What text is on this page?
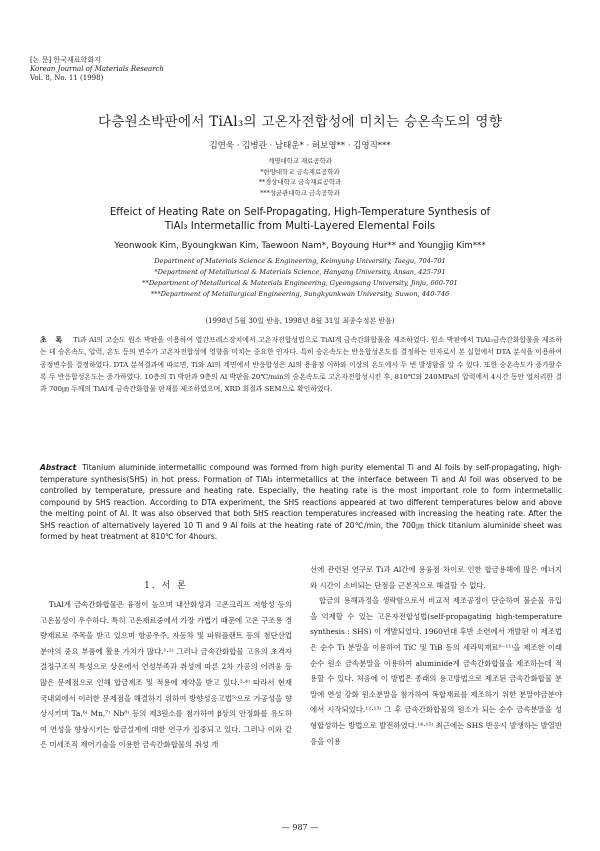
[논 문] 한국재료학회지
Korean Journal of Materials Research
Vol. 8, No. 11 (1998)
다층원소박판에서 TiAl₃의 고온자전합성에 미치는 승온속도의 영향
김연욱 · 김병관 · 남태운* · 허보영** · 김영직***
계명대학교 재료공학과
*한양대학교 금속재료공학과
**경상대학교 금속재료공학과
***성균관대학교 금속공학과
Effeict of Heating Rate on Self-Propagating, High-Temperature Synthesis of
TiAl₃ Intermetallic from Multi-Layered Elemental Foils
Yeonwook Kim, Byoungkwan Kim, Taewoon Nam*, Boyoung Hur** and Youngjig Kim***
Department of Materials Science & Engineering, Keimyung University, Taegu, 704-701
*Department of Metallurical & Materials Science, Hanyang University, Ansan, 425-791
**Department of Metallurical & Materials Engineering, Gyeongsang University, Jinju, 660-701
***Department of Metallurgical Engineering, Sungkyunkwan University, Suwon, 440-746
(1998년 5월 30일 받음, 1998년 8월 31일 최종수정본 받음)
초 록 Ti과 Al의 고순도 원소 박판을 이용하여 열간프레스장치에서 고온자전합성법으로 TiAl계 금속간화합물을 제조하였다. 원소 박판에서 TiAl₃금속간화합물을 제조하는 데 승온속도, 압력, 온도 등의 변수가 고온자전합성에 영향을 미치는 중요한 인자다. 특히 승온속도는 반응합성온도를 결정하는 인자로서 본 실험에서 DTA 분석을 이용하여 공정변수를 결정하였다. DTA 분석결과에 따르면, Ti와 Al의 계면에서 반응합성은 Al의 용융점 이하와 이상의 온도에서 두 번 발생함을 알 수 있다. 또한 승온속도가 증가할수록 두 반응합성온도는 증가하였다. 10층의 Ti 박판과 9층의 Al 박판을 20℃/min의 승온속도로 고온자전합성시킨 후, 810℃와 240MPa의 압력에서 4시간 동안 열처리한 결과 700㎛ 두께의 TiAl계 금속간화합물 판재를 제조하였으며, XRD 회절과 SEM으로 확인하였다.
Abstract Titanium aluminide intermetallic compound was formed from high purity elemental Ti and Al foils by self-propagating, high-temperature synthesis(SHS) in hot press. Formation of TiAl₃ intermetallics at the interface between Ti and Al foil was observed to be controlled by temperature, pressure and heating rate. Especially, the heating rate is the most important role to form intermetallic compound by SHS reaction. According to DTA experiment, the SHS reactions appeared at two different temperatures below and above the melting point of Al. It was also observed that both SHS reaction temperatures increased with increasing the heating rate. After the SHS reaction of alternatively layered 10 Ti and 9 Al foils at the heating rate of 20℃/min, the 700㎛ thick titanium aluminide sheet was formed by heat treatment at 810℃ for 4hours.
1. 서 론

TiAl계 금속간화합물은 융점이 높으며 내산화성과 고온크리프 저항성 등의 고온물성이 우수하다. 특히 고온재료중에서 가장 가볍기 때문에 고온 구조용 경량재료로 주목을 받고 있으며 항공우주, 자동차 및 파워플랜트 등의 첨단산업 분야의 중요 부품에 활용 가치가 많다.¹·²⁾ 그러나 금속간화합물 고유의 초격자 결정구조적 특성으로 상온에서 연성부족과 취성에 따른 2차 가공의 어려움 등 많은 문제점으로 인해 합금제조 및 적용에 제약을 받고 있다.³·⁴⁾ 따라서 현재 국내외에서 이러한 문제점을 해결하기 위하여 방향성응고법⁵⁾으로 가공성을 향상시키며 Ta,⁶⁾ Mn,⁷⁾ Nb⁸⁾ 등의 제3원소를 첨가하여 β상의 안정화를 유도하여 연성을 향상시키는 합금설계에 대한 연구가 집중되고 있다. 그러나 이와 같은 미세조직 제어기술을 이용한 금속간화합물의 취성 개

선에 관련된 연구로 Ti과 Al간에 용융점 차이로 인한 합금용해에 많은 에너지와 시간이 소비되는 단점을 근본적으로 해결할 수 없다.

합금의 용해과정을 생략함으로서 비교적 제조공정이 단순하며 불순물 유입을 억제할 수 있는 고온자전합성법(self-propagating high-temperature synthesis : SHS) 이 개발되었다. 1960년대 후반 소련에서 개발된 이 제조법은 순수 Ti 분말을 이용하여 TiC 및 TiB 등의 세라믹재료⁹⁻¹¹⁾을 제조한 이래 순수 원소 금속분말을 이용하여 aluminide계 금속간화합물을 제조하는데 적용할 수 있다. 처음에 이 방법은 종래의 용고방법으로 제조된 금속간화합물 분말에 연성 강화 원소분말을 첨가하여 복합재료를 제조하기 위한 분말야금분야에서 시작되었다.¹²·¹³⁾ 그 후 금속간화합물의 원소가 되는 순수 금속분말을 성형합성하는 방법으로 발전하였다.¹⁴·¹⁵⁾ 최근에는 SHS 반응시 발생하는 발열반응을 이용

— 987 —
